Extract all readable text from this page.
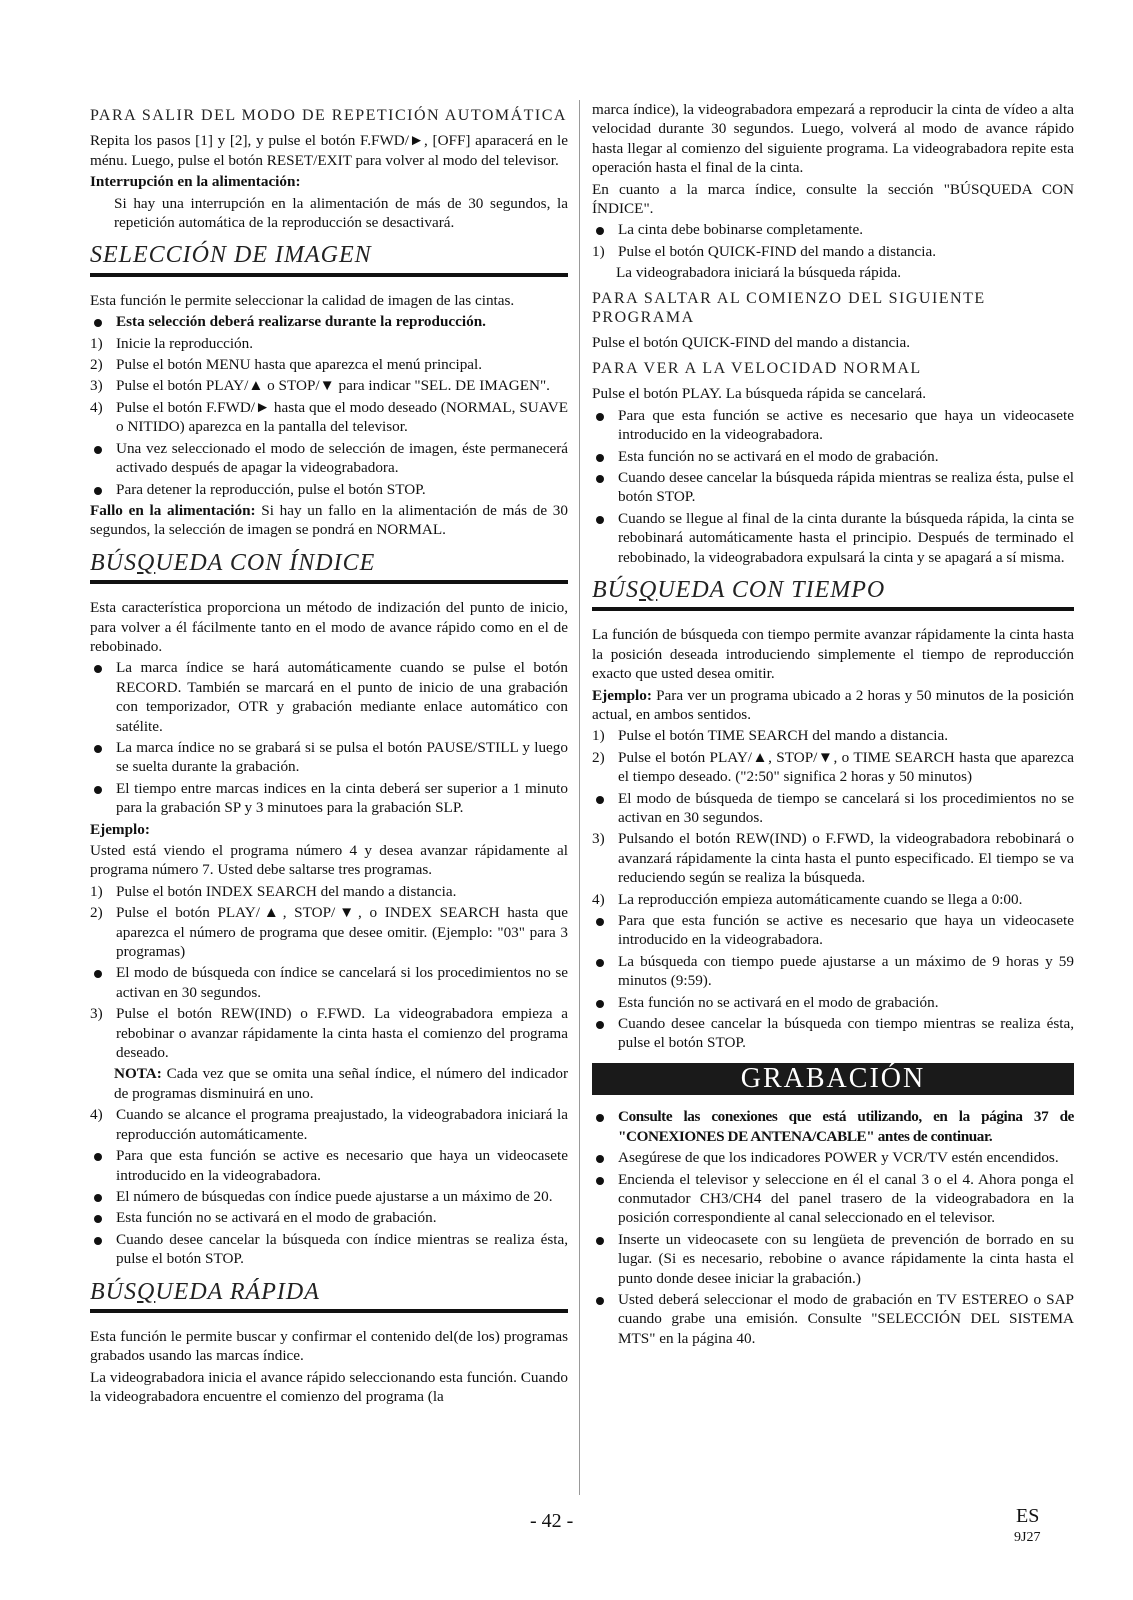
PARA SALIR DEL MODO DE REPETICIÓN AUTOMÁTICA

Repita los pasos [1] y [2], y pulse el botón F.FWD/►, [OFF] aparacerá en le ménu. Luego, pulse el botón RESET/EXIT para volver al modo del televisor.

Interrupción en la alimentación:

Si hay una interrupción en la alimentación de más de 30 segundos, la repetición automática de la reproducción se desactivará.

SELECCIÓN DE IMAGEN

Esta función le permite seleccionar la calidad de imagen de las cintas.

Esta selección deberá realizarse durante la reproducción.
1) Inicie la reproducción.
2) Pulse el botón MENU hasta que aparezca el menú principal.
3) Pulse el botón PLAY/▲ o STOP/▼ para indicar "SEL. DE IMAGEN".
4) Pulse el botón F.FWD/► hasta que el modo deseado (NORMAL, SUAVE o NITIDO) aparezca en la pantalla del televisor.
Una vez seleccionado el modo de selección de imagen, éste permanecerá activado después de apagar la videograbadora.
Para detener la reproducción, pulse el botón STOP.

Fallo en la alimentación: Si hay un fallo en la alimentación de más de 30 segundos, la selección de imagen se pondrá en NORMAL.

BÚSQUEDA CON ÍNDICE

Esta característica proporciona un método de indización del punto de inicio, para volver a él fácilmente tanto en el modo de avance rápido como en el de rebobinado.

La marca índice se hará automáticamente cuando se pulse el botón RECORD. También se marcará en el punto de inicio de una grabación con temporizador, OTR y grabación mediante enlace automático con satélite.
La marca índice no se grabará si se pulsa el botón PAUSE/STILL y luego se suelta durante la grabación.
El tiempo entre marcas indices en la cinta deberá ser superior a 1 minuto para la grabación SP y 3 minutoes para la grabación SLP.

Ejemplo:

Usted está viendo el programa número 4 y desea avanzar rápidamente al programa número 7. Usted debe saltarse tres programas.

1) Pulse el botón INDEX SEARCH del mando a distancia.
2) Pulse el botón PLAY/▲, STOP/▼, o INDEX SEARCH hasta que aparezca el número de programa que desee omitir. (Ejemplo: "03" para 3 programas)
El modo de búsqueda con índice se cancelará si los procedimientos no se activan en 30 segundos.
3) Pulse el botón REW(IND) o F.FWD. La videograbadora empieza a rebobinar o avanzar rápidamente la cinta hasta el comienzo del programa deseado.

NOTA: Cada vez que se omita una señal índice, el número del indicador de programas disminuirá en uno.

4) Cuando se alcance el programa preajustado, la videograbadora iniciará la reproducción automáticamente.
Para que esta función se active es necesario que haya un videocasete introducido en la videograbadora.
El número de búsquedas con índice puede ajustarse a un máximo de 20.
Esta función no se activará en el modo de grabación.
Cuando desee cancelar la búsqueda con índice mientras se realiza ésta, pulse el botón STOP.
BÚSQUEDA RÁPIDA

Esta función le permite buscar y confirmar el contenido del(de los) programas grabados usando las marcas índice.

La videograbadora inicia el avance rápido seleccionando esta función. Cuando la videograbadora encuentre el comienzo del programa (la

marca índice), la videograbadora empezará a reproducir la cinta de vídeo a alta velocidad durante 30 segundos. Luego, volverá al modo de avance rápido hasta llegar al comienzo del siguiente programa. La videograbadora repite esta operación hasta el final de la cinta.

En cuanto a la marca índice, consulte la sección "BÚSQUEDA CON ÍNDICE".

La cinta debe bobinarse completamente.
1) Pulse el botón QUICK-FIND del mando a distancia.

La videograbadora iniciará la búsqueda rápida.

PARA SALTAR AL COMIENZO DEL SIGUIENTE PROGRAMA

Pulse el botón QUICK-FIND del mando a distancia.

PARA VER A LA VELOCIDAD NORMAL

Pulse el botón PLAY. La búsqueda rápida se cancelará.

Para que esta función se active es necesario que haya un videocasete introducido en la videograbadora.
Esta función no se activará en el modo de grabación.
Cuando desee cancelar la búsqueda rápida mientras se realiza ésta, pulse el botón STOP.
Cuando se llegue al final de la cinta durante la búsqueda rápida, la cinta se rebobinará automáticamente hasta el principio. Después de terminado el rebobinado, la videograbadora expulsará la cinta y se apagará a sí misma.
BÚSQUEDA CON TIEMPO

La función de búsqueda con tiempo permite avanzar rápidamente la cinta hasta la posición deseada introduciendo simplemente el tiempo de reproducción exacto que usted desea omitir.

Ejemplo: Para ver un programa ubicado a 2 horas y 50 minutos de la posición actual, en ambos sentidos.

1) Pulse el botón TIME SEARCH del mando a distancia.
2) Pulse el botón PLAY/▲, STOP/▼, o TIME SEARCH hasta que aparezca el tiempo deseado. ("2:50" significa 2 horas y 50 minutos)
El modo de búsqueda de tiempo se cancelará si los procedimientos no se activan en 30 segundos.
3) Pulsando el botón REW(IND) o F.FWD, la videograbadora rebobinará o avanzará rápidamente la cinta hasta el punto especificado. El tiempo se va reduciendo según se realiza la búsqueda.
4) La reproducción empieza automáticamente cuando se llega a 0:00.
Para que esta función se active es necesario que haya un videocasete introducido en la videograbadora.
La búsqueda con tiempo puede ajustarse a un máximo de 9 horas y 59 minutos (9:59).
Esta función no se activará en el modo de grabación.
Cuando desee cancelar la búsqueda con tiempo mientras se realiza ésta, pulse el botón STOP.
GRABACIÓN
Consulte las conexiones que está utilizando, en la página 37 de "CONEXIONES DE ANTENA/CABLE" antes de continuar.
Asegúrese de que los indicadores POWER y VCR/TV estén encendidos.
Encienda el televisor y seleccione en él el canal 3 o el 4. Ahora ponga el conmutador CH3/CH4 del panel trasero de la videograbadora en la posición correspondiente al canal seleccionado en el televisor.
Inserte un videocasete con su lengüeta de prevención de borrado en su lugar. (Si es necesario, rebobine o avance rápidamente la cinta hasta el punto donde desee iniciar la grabación.)
Usted deberá seleccionar el modo de grabación en TV ESTEREO o SAP cuando grabe una emisión. Consulte "SELECCIÓN DEL SISTEMA MTS" en la página 40.
- 42 -	ES
9J27
